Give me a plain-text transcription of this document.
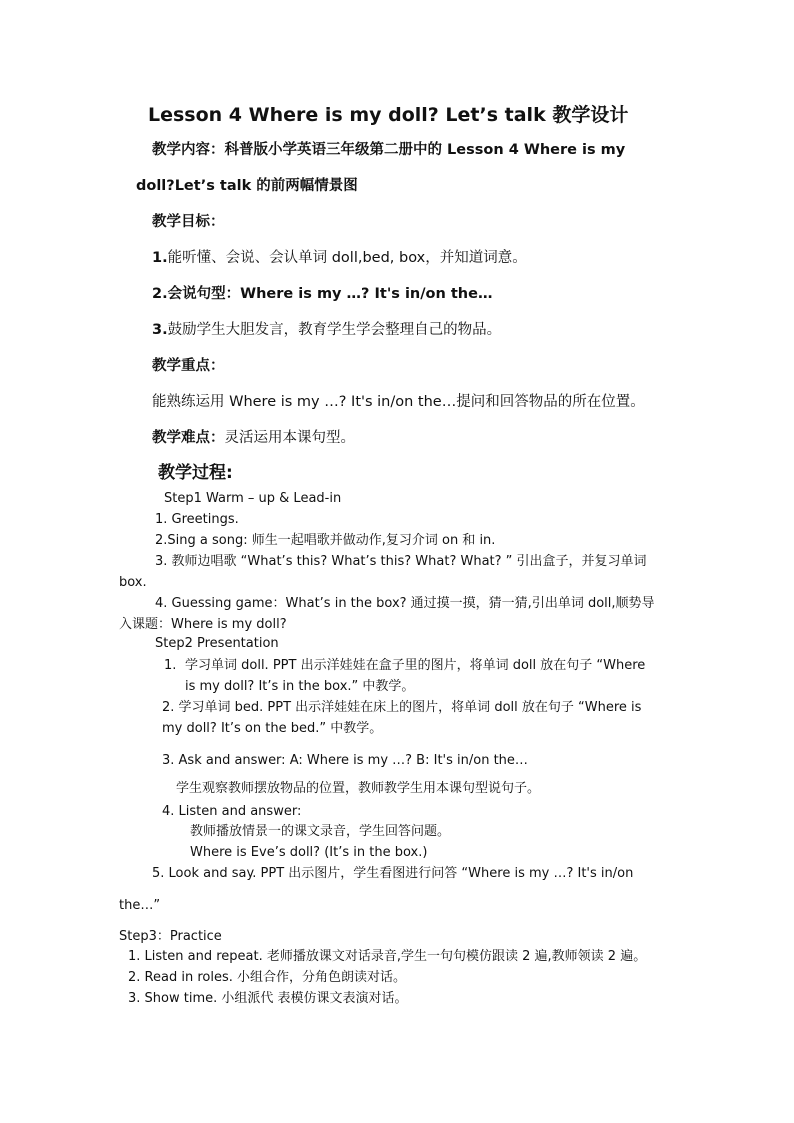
Lesson 4 Where is my doll? Let’s talk 教学设计
教学内容：科普版小学英语三年级第二册中的 Lesson 4 Where is my
doll?Let’s talk 的前两幅情景图
教学目标：
1.能听懂、会说、会认单词 doll,bed, box，并知道词意。
2.会说句型：Where is my …? It's in/on the…
3.鼓励学生大胆发言，教育学生学会整理自己的物品。
教学重点：
能熟练运用 Where is my …? It's in/on the…提问和回答物品的所在位置。
教学难点：灵活运用本课句型。
教学过程:
Step1 Warm – up & Lead-in
1. Greetings.
2.Sing a song: 师生一起唱歌并做动作,复习介词 on 和 in.
3. 教师边唱歌 “What’s this? What’s this? What? What? ” 引出盒子，并复习单词
box.
4. Guessing game：What’s in the box? 通过摸一摸，猜一猜,引出单词 doll,顺势导
入课题：Where is my doll?
Step2 Presentation
1. 学习单词 doll. PPT 出示洋娃娃在盒子里的图片，将单词 doll 放在句子 “Where
is my doll? It’s in the box.” 中教学。
2. 学习单词 bed. PPT 出示洋娃娃在床上的图片，将单词 doll 放在句子 “Where is
my doll? It’s on the bed.” 中教学。
3. Ask and answer: A: Where is my …? B: It's in/on the…
学生观察教师摆放物品的位置，教师教学生用本课句型说句子。
4. Listen and answer:
教师播放情景一的课文录音，学生回答问题。
Where is Eve’s doll? (It’s in the box.)
5. Look and say. PPT 出示图片，学生看图进行问答 “Where is my …? It's in/on
the…”
Step3：Practice
1. Listen and repeat. 老师播放课文对话录音,学生一句句模仿跟读 2 遍,教师领读 2 遍。
2. Read in roles. 小组合作，分角色朗读对话。
3. Show time. 小组派代 表模仿课文表演对话。
